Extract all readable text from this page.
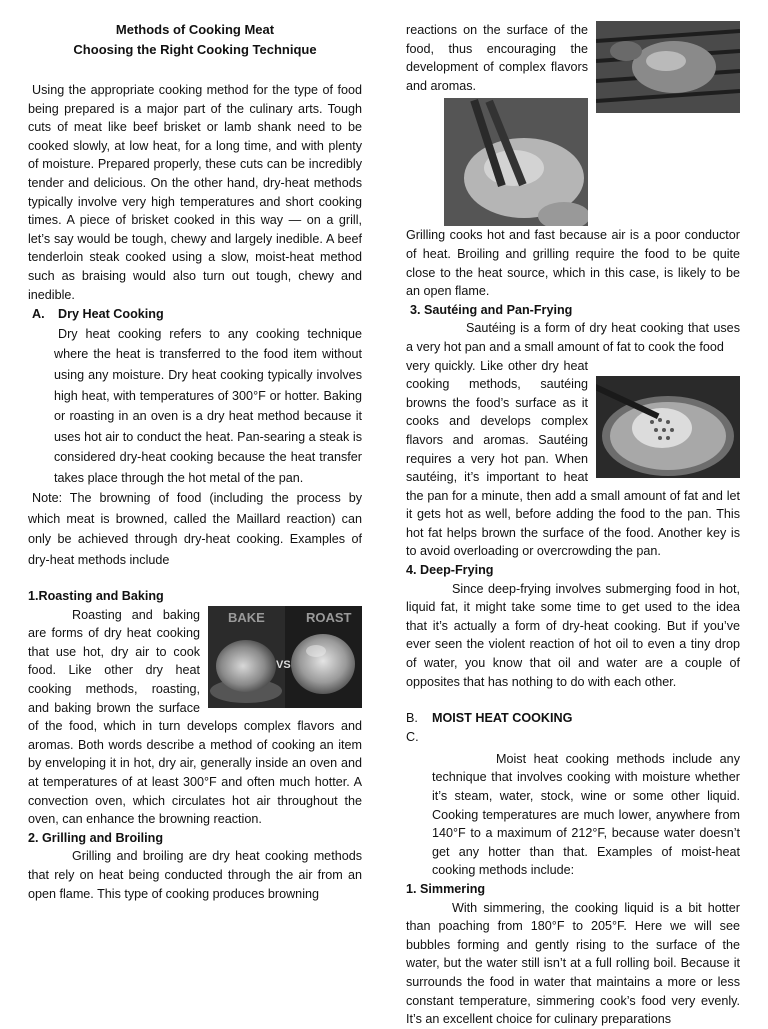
Methods of Cooking Meat
Choosing the Right Cooking Technique

Using the appropriate cooking method for the type of food being prepared is a major part of the culinary arts. Tough cuts of meat like beef brisket or lamb shank need to be cooked slowly, at low heat, for a long time, and with plenty of moisture. Prepared properly, these cuts can be incredibly tender and delicious. On the other hand, dry-heat methods typically involve very high temperatures and short cooking times. A piece of brisket cooked in this way — on a grill, let’s say would be tough, chewy and largely inedible. A beef tenderloin steak cooked using a slow, moist-heat method such as braising would also turn out tough, chewy and inedible.

A.	Dry Heat Cooking

Dry heat cooking refers to any cooking technique where the heat is transferred to the food item without using any moisture. Dry heat cooking typically involves high heat, with temperatures of 300°F or hotter. Baking or roasting in an oven is a dry heat method because it uses hot air to conduct the heat. Pan-searing a steak is considered dry-heat cooking because the heat transfer takes place through the hot metal of the pan.

Note: The browning of food (including the process by which meat is browned, called the Maillard reaction) can only be achieved through dry-heat cooking. Examples of dry-heat methods include

1.Roasting and Baking
BAKE	ROAST
VS

Roasting and baking are forms of dry heat cooking that use hot, dry air to cook food. Like other dry heat cooking methods, roasting, and baking brown the surface of the food, which in turn develops complex flavors and aromas. Both words describe a method of cooking an item by enveloping it in hot, dry air, generally inside an oven and at temperatures of at least 300°F and often much hotter. A convection oven, which circulates hot air throughout the oven, can enhance the browning reaction.

2. Grilling and Broiling

Grilling and broiling are dry heat cooking methods that rely on heat being conducted through the air from an open flame. This type of cooking produces browning

reactions on the surface of the food, thus encouraging the development of complex flavors and aromas.

Grilling cooks hot and fast because air is a poor conductor of heat. Broiling and grilling require the food to be quite close to the heat source, which in this case, is likely to be an open flame.

3. Sautéing and Pan-Frying

Sautéing is a form of dry heat cooking that uses a very hot pan and a small amount of fat to cook the food

very quickly. Like other dry heat cooking methods, sautéing browns the food’s surface as it cooks and develops complex flavors and aromas. Sautéing requires a very hot pan. When sautéing, it’s important to heat the pan for a minute, then add a small amount of fat and let it gets hot as well, before adding the food to the pan. This hot fat helps brown the surface of the food. Another key is to avoid overloading or overcrowding the pan.

4. Deep-Frying

Since deep-frying involves submerging food in hot, liquid fat, it might take some time to get used to the idea that it’s actually a form of dry-heat cooking. But if you’ve ever seen the violent reaction of hot oil to even a tiny drop of water, you know that oil and water are a couple of opposites that has nothing to do with each other.

B.	MOIST HEAT COOKING
C.

Moist heat cooking methods include any technique that involves cooking with moisture whether it’s steam, water, stock, wine or some other liquid. Cooking temperatures are much lower, anywhere from 140°F to a maximum of 212°F, because water doesn’t get any hotter than that. Examples of moist-heat cooking methods include:

1. Simmering

With simmering, the cooking liquid is a bit hotter than poaching from 180°F to 205°F. Here we will see bubbles forming and gently rising to the surface of the water, but the water still isn’t at a full rolling boil. Because it surrounds the food in water that maintains a more or less constant temperature, simmering cook’s food very evenly. It’s an excellent choice for culinary preparations
